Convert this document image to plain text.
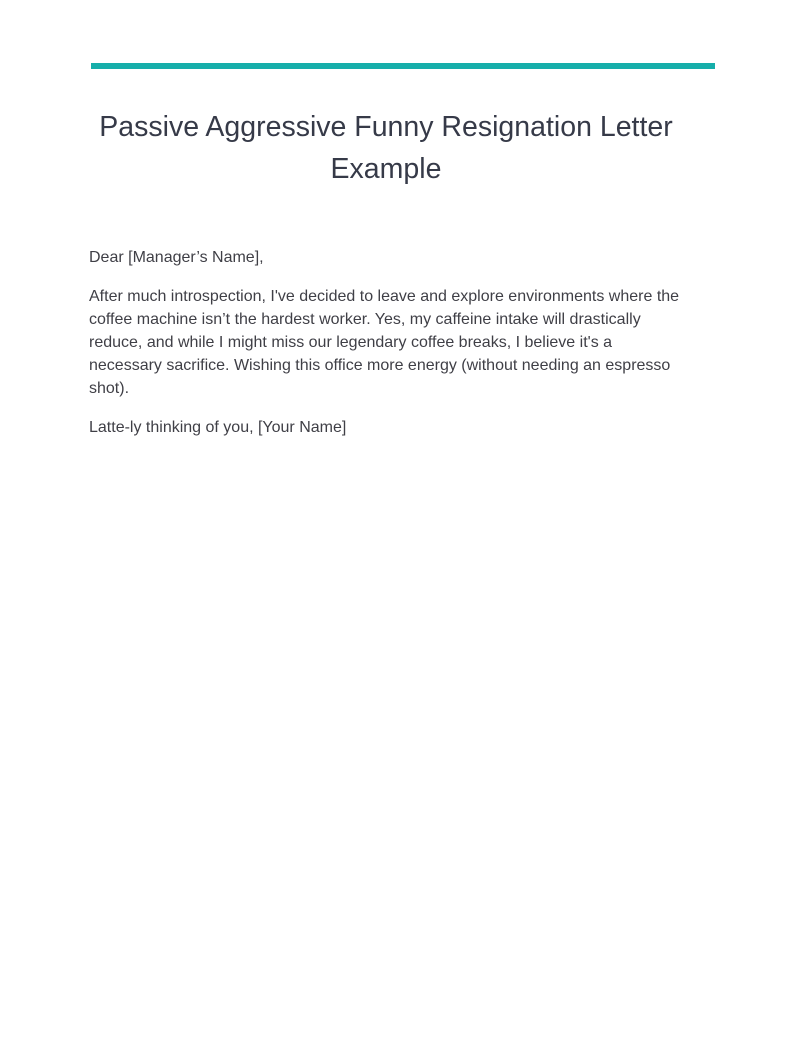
Passive Aggressive Funny Resignation Letter Example

Dear [Manager’s Name],

After much introspection, I've decided to leave and explore environments where the coffee machine isn’t the hardest worker. Yes, my caffeine intake will drastically reduce, and while I might miss our legendary coffee breaks, I believe it's a necessary sacrifice. Wishing this office more energy (without needing an espresso shot).

Latte-ly thinking of you, [Your Name]
